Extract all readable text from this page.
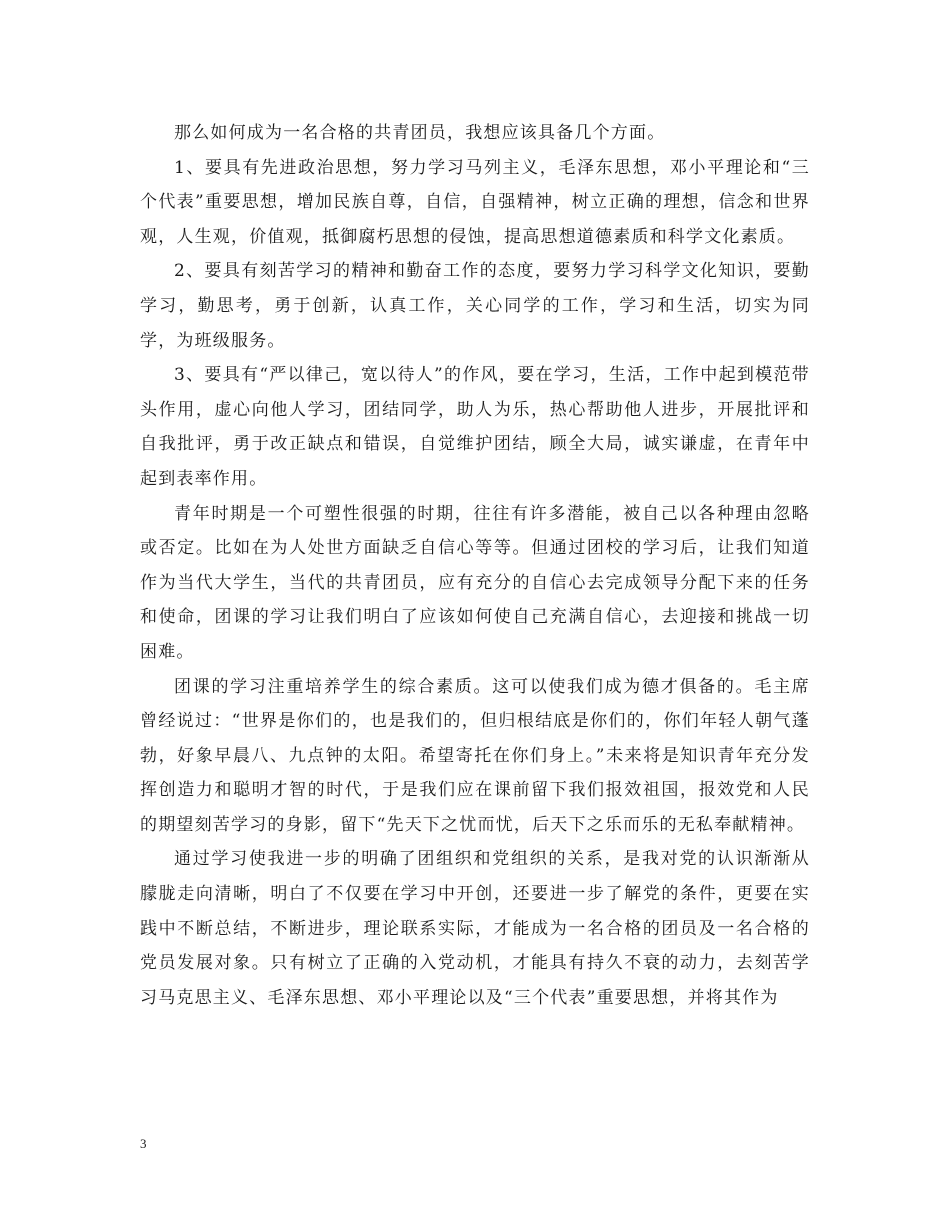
那么如何成为一名合格的共青团员，我想应该具备几个方面。

1、要具有先进政治思想，努力学习马列主义，毛泽东思想，邓小平理论和“三个代表”重要思想，增加民族自尊，自信，自强精神，树立正确的理想，信念和世界观，人生观，价值观，抵御腐朽思想的侵蚀，提高思想道德素质和科学文化素质。

2、要具有刻苦学习的精神和勤奋工作的态度，要努力学习科学文化知识，要勤学习，勤思考，勇于创新，认真工作，关心同学的工作，学习和生活，切实为同学，为班级服务。

3、要具有“严以律己，宽以待人”的作风，要在学习，生活，工作中起到模范带头作用，虚心向他人学习，团结同学，助人为乐，热心帮助他人进步，开展批评和自我批评，勇于改正缺点和错误，自觉维护团结，顾全大局，诚实谦虚，在青年中起到表率作用。

青年时期是一个可塑性很强的时期，往往有许多潜能，被自己以各种理由忽略或否定。比如在为人处世方面缺乏自信心等等。但通过团校的学习后，让我们知道作为当代大学生，当代的共青团员，应有充分的自信心去完成领导分配下来的任务和使命，团课的学习让我们明白了应该如何使自己充满自信心，去迎接和挑战一切困难。

团课的学习注重培养学生的综合素质。这可以使我们成为德才俱备的。毛主席曾经说过：“世界是你们的，也是我们的，但归根结底是你们的，你们年轻人朝气蓬勃，好象早晨八、九点钟的太阳。希望寄托在你们身上。”未来将是知识青年充分发挥创造力和聪明才智的时代，于是我们应在课前留下我们报效祖国，报效党和人民的期望刻苦学习的身影，留下“先天下之忧而忧，后天下之乐而乐的无私奉献精神。

通过学习使我进一步的明确了团组织和党组织的关系，是我对党的认识渐渐从朦胧走向清晰，明白了不仅要在学习中开创，还要进一步了解党的条件，更要在实践中不断总结，不断进步，理论联系实际，才能成为一名合格的团员及一名合格的党员发展对象。只有树立了正确的入党动机，才能具有持久不衰的动力，去刻苦学习马克思主义、毛泽东思想、邓小平理论以及“三个代表”重要思想，并将其作为

3
